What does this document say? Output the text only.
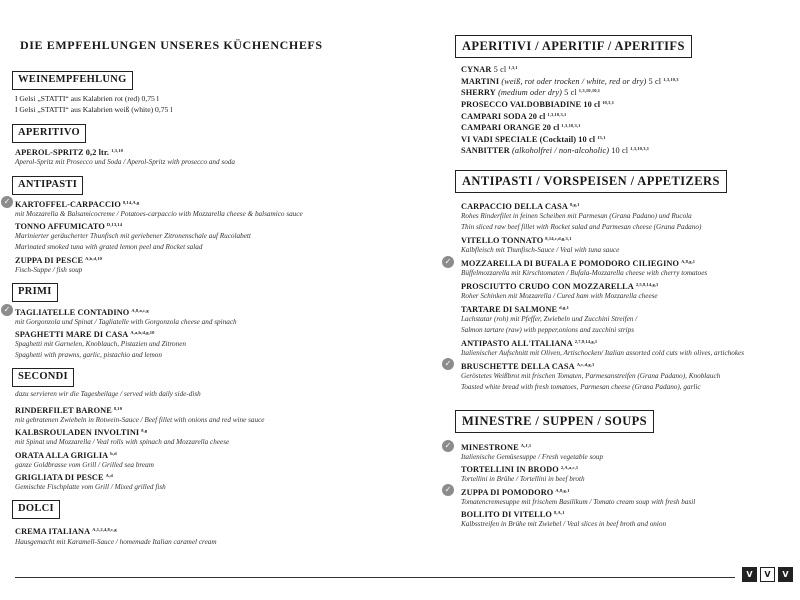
DIE EMPFEHLUNGEN UNSERES KÜCHENCHEFS
WEINEMPFEHLUNG
I Gelsi „STATTI“ aus Kalabrien rot (red) 0,75 l
I Gelsi „STATTI“ aus Kalabrien weiß (white) 0,75 l
APERITIVO
APEROL-SPRITZ 0,2 ltr. $^{1,3,10}$
Aperol-Spritz mit Prosecco und Soda / Aperol-Spritz with prosecco and soda
ANTIPASTI
✓ KARTOFFEL-CARPACCIO $^{8,14,A,g}$
mit Mozzarella & Balsamicocreme / Potatoes-carpaccio with Mozzarella cheese & balsamico sauce
TONNO AFFUMICATO $^{D,13,14}$
Marinierter geräucherter Thunfisch mit geriebener Zitronenschale auf Rucolabett
Marinated smoked tuna with grated lemon peel and Rocket salad
ZUPPA DI PESCE $^{A,b,d,10}$
Fisch-Suppe / fish soup
PRIMI
✓ TAGLIATELLE CONTADINO $^{A,8,a,c,g}$
mit Gorgonzola und Spinat / Tagliatelle with Gorgonzola cheese and spinach
SPAGHETTI MARE DI CASA $^{A,a,b,d,g,10}$
Spaghetti mit Garnelen, Knoblauch, Pistazien und Zitronen
Spaghetti with prawns, garlic, pistachio and lemon
SECONDI
dazu servieren wir die Tagesbeilage / served with daily side-dish
RINDERFILET BARONE $^{8,10}$
mit gebratenen Zwiebeln in Rotwein-Sauce / Beef fillet with onions and red wine sauce
KALBSROULADEN INVOLTINI $^{8,g}$
mit Spinat und Mozzarella / Veal rolls with spinach and Mozzarella cheese
ORATA ALLA GRIGLIA $^{b,d}$
ganze Goldbrasse vom Grill / Grilled sea bream
GRIGLIATA DI PESCE $^{A,d}$
Gemischte Fischplatte vom Grill / Mixed grilled fish
DOLCI
CREMA ITALIANA $^{A,1,2,4,8,c,g}$
Hausgemacht mit Karamell-Sauce / homemade Italian caramel cream
APERITIVI / APERITIF / APERITIFS
CYNAR 5 cl $^{1,3,1}$
MARTINI (weiß, rot oder trocken / white, red or dry) 5 cl $^{1,3,10,3}$
SHERRY (medium oder dry) 5 cl $^{1,3,10,10,1}$
PROSECCO VALDOBBIADINE 10 cl $^{10,3,1}$
CAMPARI SODA 20 cl $^{1,3,10,3,1}$
CAMPARI ORANGE 20 cl $^{1,3,10,3,1}$
VI VADI SPECIALE (Cocktail) 10 cl $^{13,1}$
SANBITTER (alkoholfrei / non-alcoholic) 10 cl $^{1,3,10,3,1}$
ANTIPASTI / VORSPEISEN / APPETIZERS
CARPACCIO DELLA CASA $^{8,g,1}$
Rohes Rinderfilet in feinen Scheiben mit Parmesan (Grana Padano) und Rucola
Thin sliced raw beef fillet with Rocket salad and Parmesan cheese (Grana Padano)
VITELLO TONNATO $^{8,14,c,d,g,3,1}$
Kalbfleisch mit Thunfisch-Sauce / Veal with tuna sauce
✓	MOZZARELLA DI BUFALA E POMODORO CILIEGINO $^{A,8,g,1}$
Büffelmozzarella mit Kirschtomaten / Bufala-Mozzarella cheese with cherry tomatoes
PROSCIUTTO CRUDO CON MOZZARELLA $^{2,5,8,14,g,1}$
Roher Schinken mit Mozzarella / Cured ham with Mozzarella cheese
TARTARE DI SALMONE $^{d,g,1}$
Lachstatar (roh) mit Pfeffer, Zwiebeln und Zucchini Streifen /
Salmon tartare (raw) with pepper,onions and zucchini strips
ANTIPASTO ALL'ITALIANA $^{2,7,8,14,g,1}$
Italienischer Aufschnitt mit Oliven, Artischocken/ Italian assorted cold cuts with olives, artichokes
✓	BRUSCHETTE DELLA CASA $^{A,c,d,g,1}$
Geröstetes Weißbrot mit frischen Tomaten, Parmesanstreifen (Grana Padano), Knoblauch
Toasted white bread with fresh tomatoes, Parmesan cheese (Grana Padano), garlic
MINESTRE / SUPPEN / SOUPS
✓	MINESTRONE $^{A,J,1}$
Italienische Gemüsesuppe / Fresh vegetable soup
TORTELLINI IN BRODO $^{2,A,a,c,1}$
Tortellini in Brühe / Tortellini in beef broth
✓	ZUPPA DI POMODORO $^{A,8,g,1}$
Tomatencremesuppe mit frischem Basilikum / Tomato cream soup with fresh basil
BOLLITO DI VITELLO $^{8,A,1}$
Kalbsstreifen in Brühe mit Zwiebel / Veal slices in beef broth and onion
V	V	V
